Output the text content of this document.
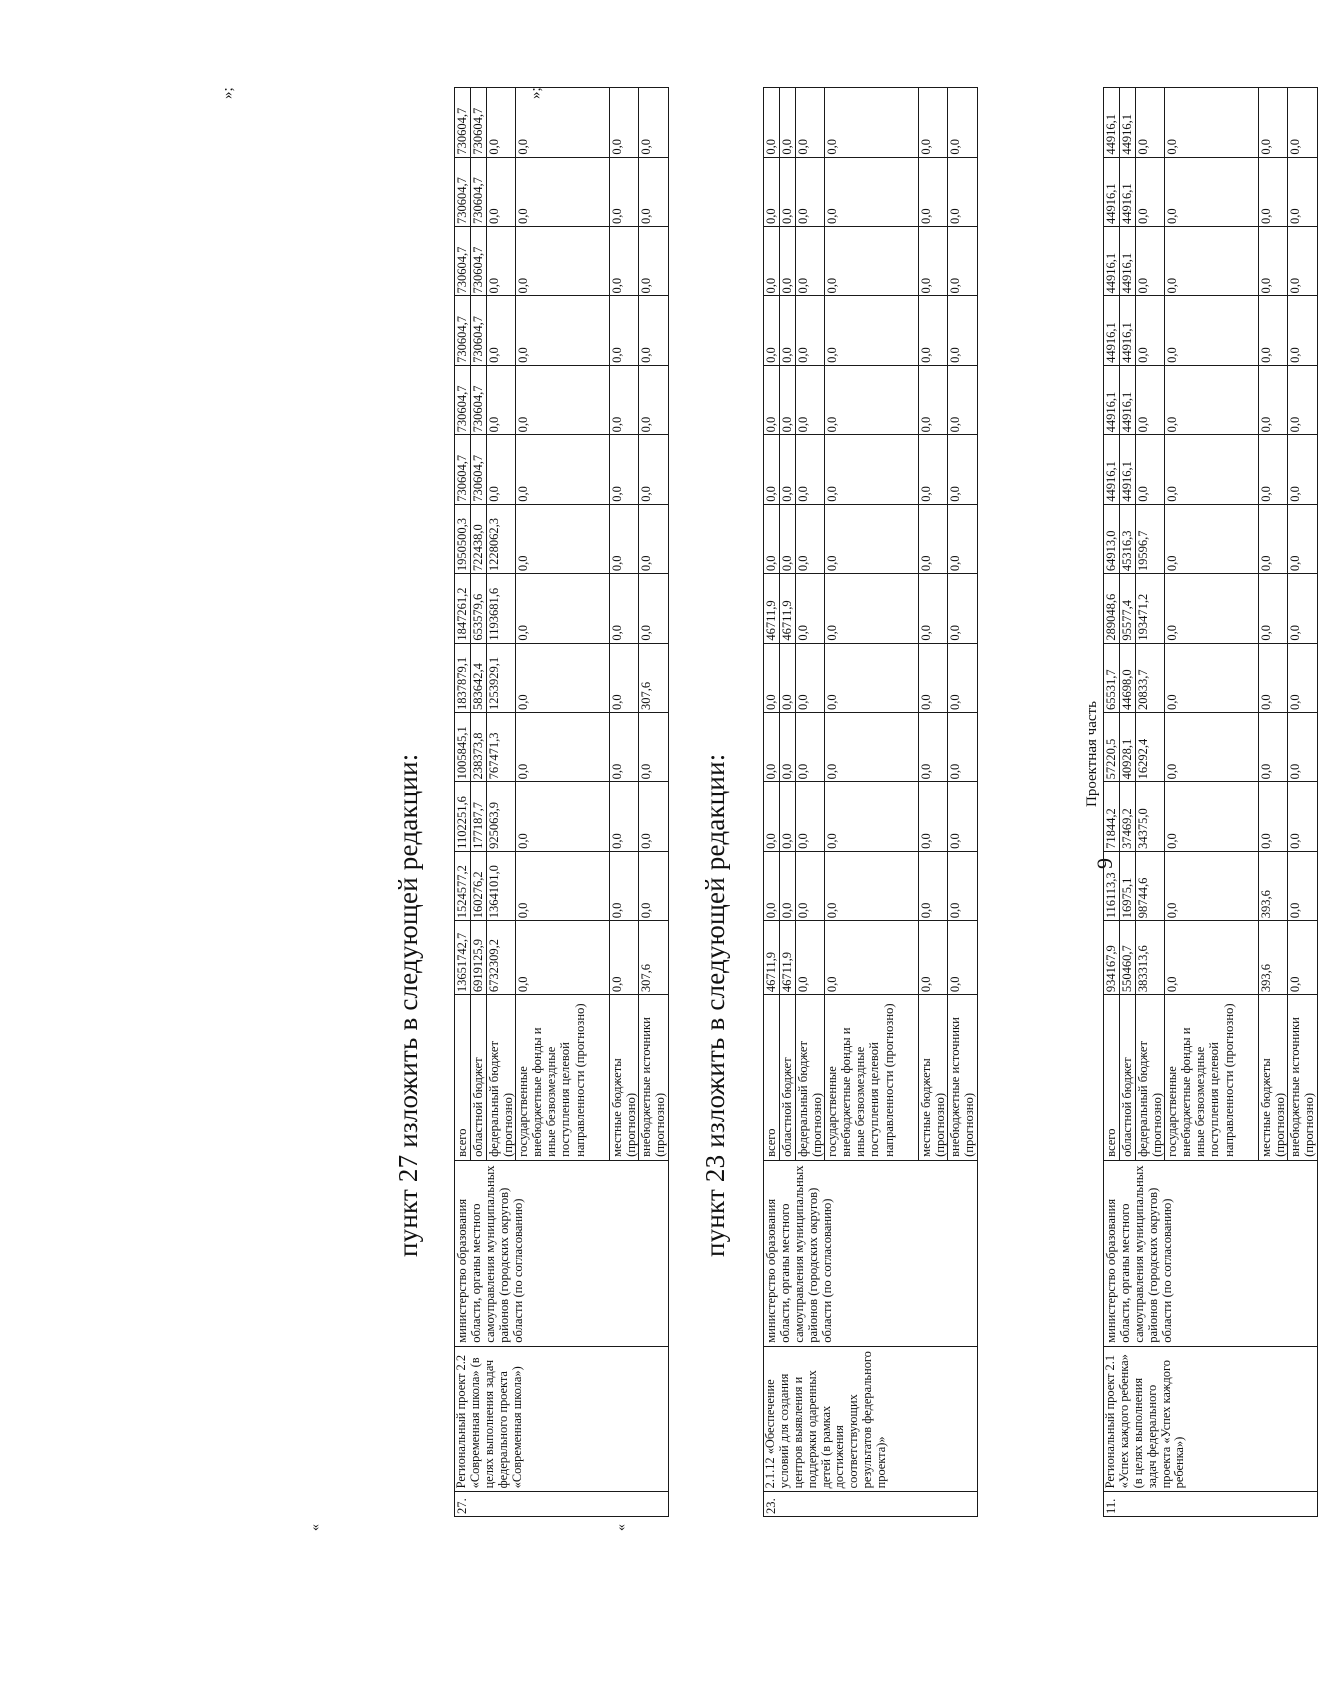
9
Проектная часть
11.	Региональный проект 2.1 «Успех каждого ребенка» (в целях выполнения задач федерального проекта «Успех каждого ребенка»)	министерство образования области, органы местного самоуправления муниципальных районов (городских округов) области (по согласованию)	всего	934167,9	116113,3	71844,2	57220,5	65531,7	289048,6	64913,0	44916,1	44916,1	44916,1	44916,1	44916,1	44916,1
			областной бюджет	550460,7	16975,1	37469,2	40928,1	44698,0	95577,4	45316,3	44916,1	44916,1	44916,1	44916,1	44916,1	44916,1
			федеральный бюджет (прогнозно)	383313,6	98744,6	34375,0	16292,4	20833,7	193471,2	19596,7	0,0	0,0	0,0	0,0	0,0	0,0
			государственные внебюджетные фонды и иные безвозмездные поступления целевой направленности (прогнозно)	0,0	0,0	0,0	0,0	0,0	0,0	0,0	0,0	0,0	0,0	0,0	0,0	0,0
			местные бюджеты (прогнозно)	393,6	393,6	0,0	0,0	0,0	0,0	0,0	0,0	0,0	0,0	0,0	0,0	0,0
			внебюджетные источники (прогнозно)	0,0	0,0	0,0	0,0	0,0	0,0	0,0	0,0	0,0	0,0	0,0	0,0	0,0
пункт 23 изложить в следующей редакции:
«
23.	2.1.12 «Обеспечение условий для создания центров выявления и поддержки одаренных детей (в рамках достижения соответствующих результатов федерального проекта)»	министерство образования области, органы местного самоуправления муниципальных районов (городских округов) области (по согласованию)	всего	46711,9	0,0	0,0	0,0	0,0	46711,9	0,0	0,0	0,0	0,0	0,0	0,0	0,0
			областной бюджет	46711,9	0,0	0,0	0,0	0,0	46711,9	0,0	0,0	0,0	0,0	0,0	0,0	0,0
			федеральный бюджет (прогнозно)	0,0	0,0	0,0	0,0	0,0	0,0	0,0	0,0	0,0	0,0	0,0	0,0	0,0
			государственные внебюджетные фонды и иные безвозмездные поступления целевой направленности (прогнозно)	0,0	0,0	0,0	0,0	0,0	0,0	0,0	0,0	0,0	0,0	0,0	0,0	0,0
			местные бюджеты (прогнозно)	0,0	0,0	0,0	0,0	0,0	0,0	0,0	0,0	0,0	0,0	0,0	0,0	0,0
			внебюджетные источники (прогнозно)	0,0	0,0	0,0	0,0	0,0	0,0	0,0	0,0	0,0	0,0	0,0	0,0	0,0
»;
пункт 27 изложить в следующей редакции:
«
27.	Региональный проект 2.2 «Современная школа» (в целях выполнения задач федерального проекта «Современная школа»)	министерство образования области, органы местного самоуправления муниципальных районов (городских округов) области (по согласованию)	всего	13651742,7	1524577,2	1102251,6	1005845,1	1837879,1	1847261,2	1950500,3	730604,7	730604,7	730604,7	730604,7	730604,7	730604,7
			областной бюджет	6919125,9	160276,2	177187,7	238373,8	583642,4	653579,6	722438,0	730604,7	730604,7	730604,7	730604,7	730604,7	730604,7
			федеральный бюджет (прогнозно)	6732309,2	1364101,0	925063,9	767471,3	1253929,1	1193681,6	1228062,3	0,0	0,0	0,0	0,0	0,0	0,0
			государственные внебюджетные фонды и иные безвозмездные поступления целевой направленности (прогнозно)	0,0	0,0	0,0	0,0	0,0	0,0	0,0	0,0	0,0	0,0	0,0	0,0	0,0
			местные бюджеты (прогнозно)	0,0	0,0	0,0	0,0	0,0	0,0	0,0	0,0	0,0	0,0	0,0	0,0	0,0
			внебюджетные источники (прогнозно)	307,6	0,0	0,0	0,0	307,6	0,0	0,0	0,0	0,0	0,0	0,0	0,0	0,0
»;
